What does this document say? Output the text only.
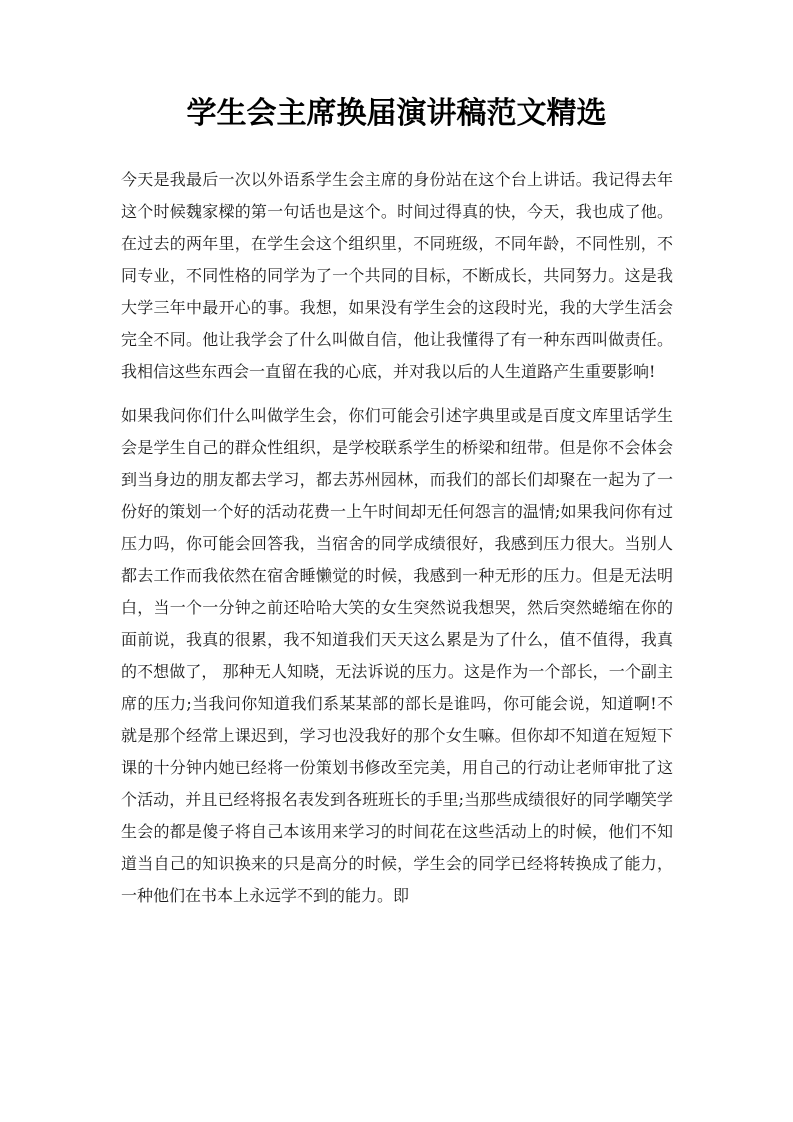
学生会主席换届演讲稿范文精选

今天是我最后一次以外语系学生会主席的身份站在这个台上讲话。我记得去年这个时候魏家樑的第一句话也是这个。时间过得真的快，今天，我也成了他。在过去的两年里，在学生会这个组织里，不同班级，不同年龄，不同性别，不同专业，不同性格的同学为了一个共同的目标，不断成长，共同努力。这是我大学三年中最开心的事。我想，如果没有学生会的这段时光，我的大学生活会完全不同。他让我学会了什么叫做自信，他让我懂得了有一种东西叫做责任。我相信这些东西会一直留在我的心底，并对我以后的人生道路产生重要影响!

如果我问你们什么叫做学生会，你们可能会引述字典里或是百度文库里话学生会是学生自己的群众性组织，是学校联系学生的桥梁和纽带。但是你不会体会到当身边的朋友都去学习，都去苏州园林，而我们的部长们却聚在一起为了一份好的策划一个好的活动花费一上午时间却无任何怨言的温情;如果我问你有过压力吗，你可能会回答我，当宿舍的同学成绩很好，我感到压力很大。当别人都去工作而我依然在宿舍睡懒觉的时候，我感到一种无形的压力。但是无法明白，当一个一分钟之前还哈哈大笑的女生突然说我想哭，然后突然蜷缩在你的面前说，我真的很累，我不知道我们天天这么累是为了什么，值不值得，我真的不想做了， 那种无人知晓，无法诉说的压力。这是作为一个部长，一个副主席的压力;当我问你知道我们系某某部的部长是谁吗，你可能会说，知道啊!不就是那个经常上课迟到，学习也没我好的那个女生嘛。但你却不知道在短短下课的十分钟内她已经将一份策划书修改至完美，用自己的行动让老师审批了这个活动，并且已经将报名表发到各班班长的手里;当那些成绩很好的同学嘲笑学生会的都是傻子将自己本该用来学习的时间花在这些活动上的时候，他们不知道当自己的知识换来的只是高分的时候，学生会的同学已经将转换成了能力，一种他们在书本上永远学不到的能力。即
